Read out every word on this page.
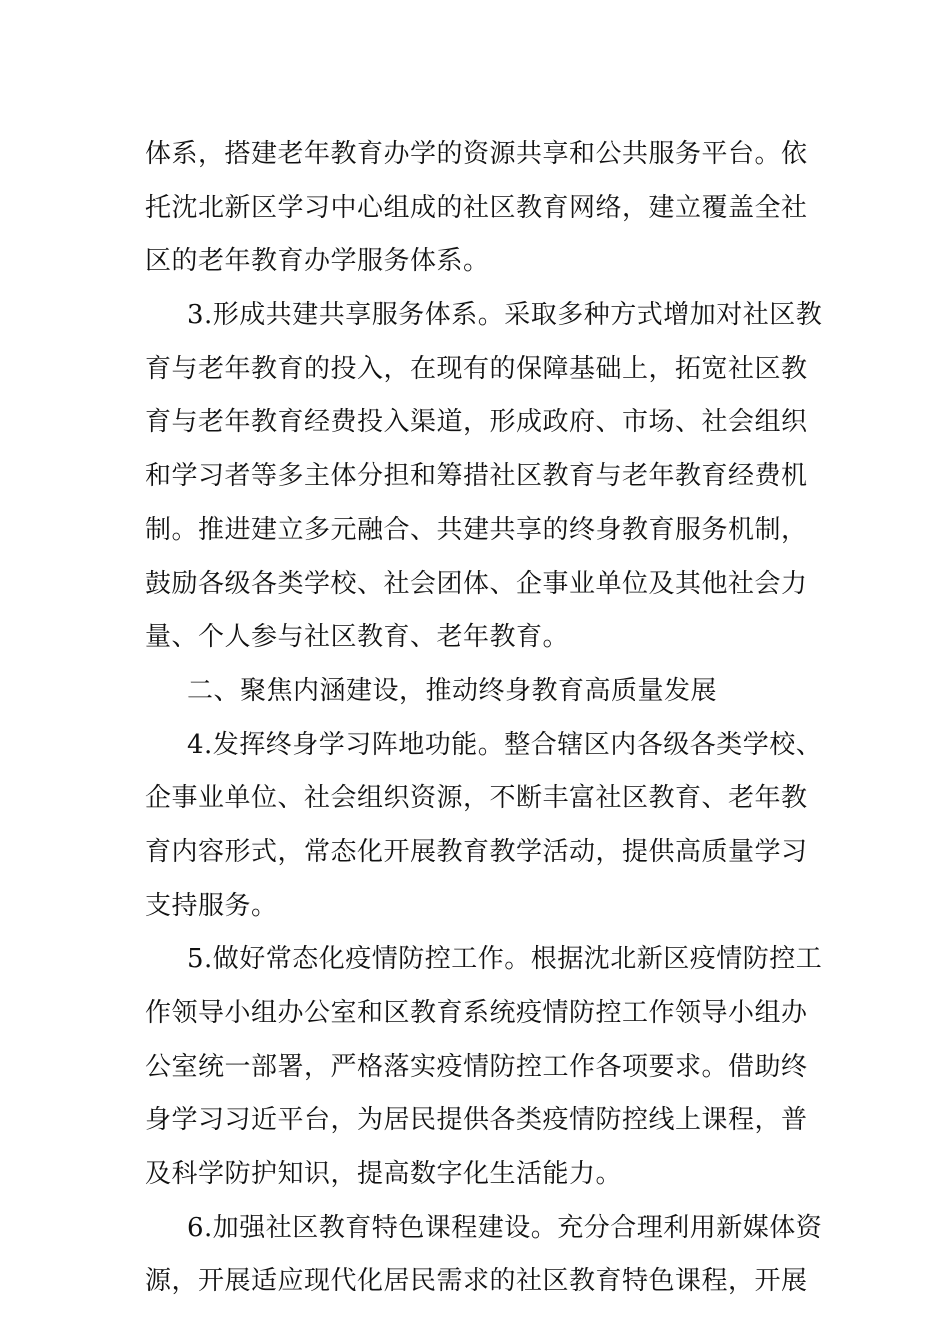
体系，搭建老年教育办学的资源共享和公共服务平台。依
托沈北新区学习中心组成的社区教育网络，建立覆盖全社
区的老年教育办学服务体系。
3.形成共建共享服务体系。采取多种方式增加对社区教
育与老年教育的投入，在现有的保障基础上，拓宽社区教
育与老年教育经费投入渠道，形成政府、市场、社会组织
和学习者等多主体分担和筹措社区教育与老年教育经费机
制。推进建立多元融合、共建共享的终身教育服务机制，
鼓励各级各类学校、社会团体、企事业单位及其他社会力
量、个人参与社区教育、老年教育。
二、聚焦内涵建设，推动终身教育高质量发展
4.发挥终身学习阵地功能。整合辖区内各级各类学校、
企事业单位、社会组织资源，不断丰富社区教育、老年教
育内容形式，常态化开展教育教学活动，提供高质量学习
支持服务。
5.做好常态化疫情防控工作。根据沈北新区疫情防控工
作领导小组办公室和区教育系统疫情防控工作领导小组办
公室统一部署，严格落实疫情防控工作各项要求。借助终
身学习习近平台，为居民提供各类疫情防控线上课程，普
及科学防护知识，提高数字化生活能力。
6.加强社区教育特色课程建设。充分合理利用新媒体资
源，开展适应现代化居民需求的社区教育特色课程，开展
